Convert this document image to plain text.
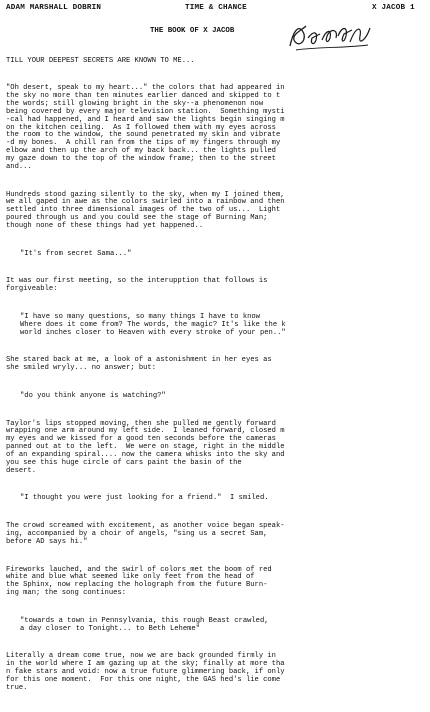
ADAM MARSHALL DOBRIN	TIME & CHANCE	X JACOB 1
THE BOOK OF X JACOB

TILL YOUR DEEPEST SECRETS ARE KNOWN TO ME...

"Oh desert, speak to my heart..." the colors that had appeared in
the sky no more than ten minutes earlier danced and skipped to t
the words; still glowing bright in the sky--a phenomenon now
being covered by every major television station.  Something mysti
-cal had happened, and I heard and saw the lights begin singing m
on the kitchen ceiling.  As I followed them with my eyes across
the room to the window, the sound penetrated my skin and vibrate
-d my bones.  A chill ran from the tips of my fingers through my
elbow and then up the arch of my back back... the lights pulled
my gaze down to the top of the window frame; then to the street
and...

Hundreds stood gazing silently to the sky, when my I joined them,
we all gaped in awe as the colors swirled into a rainbow and then
settled into three dimensional images of the two of us...  Light
poured through us and you could see the stage of Burning Man;
though none of these things had yet happened..

"It's from secret Sama..."

It was our first meeting, so the interupption that follows is
forgiveable:

"I have so many questions, so many things I have to know
Where does it come from? The words, the magic? It's like the k
world inches closer to Heaven with every stroke of your pen.."

She stared back at me, a look of a astonishment in her eyes as
she smiled wryly... no answer; but:

"do you think anyone is watching?"

Taylor's lips stopped moving, then she pulled me gently forward
wrapping one arm around my left side.  I leaned forward, closed m
my eyes and we kissed for a good ten seconds before the cameras
panned out at to the left.  We were on stage, right in the middle
of an expanding spiral.... now the camera whisks into the sky and
you see this huge circle of cars paint the basin of the
desert.

"I thought you were just looking for a friend."  I smiled.

The crowd screamed with excitement, as another voice began speak-
ing, accompanied by a choir of angels, "sing us a secret Sam,
before AD says hi."

Fireworks lauched, and the swirl of colors met the boom of red
white and blue what seemed like only feet from the head of
the Sphinx, now replacing the holograph from the future Burn-
ing man; the song continues:

"towards a town in Pennsylvania, this rough Beast crawled,
a day closer to Tonight... to Beth Leheme"

Literally a dream come true, now we are back grounded firmly in
in the world where I am gazing up at the sky; finally at more tha
n fake stars and void: now a true future glimmering back, if only
for this one moment.  For this one night, the GAS hed's lie come
true.
